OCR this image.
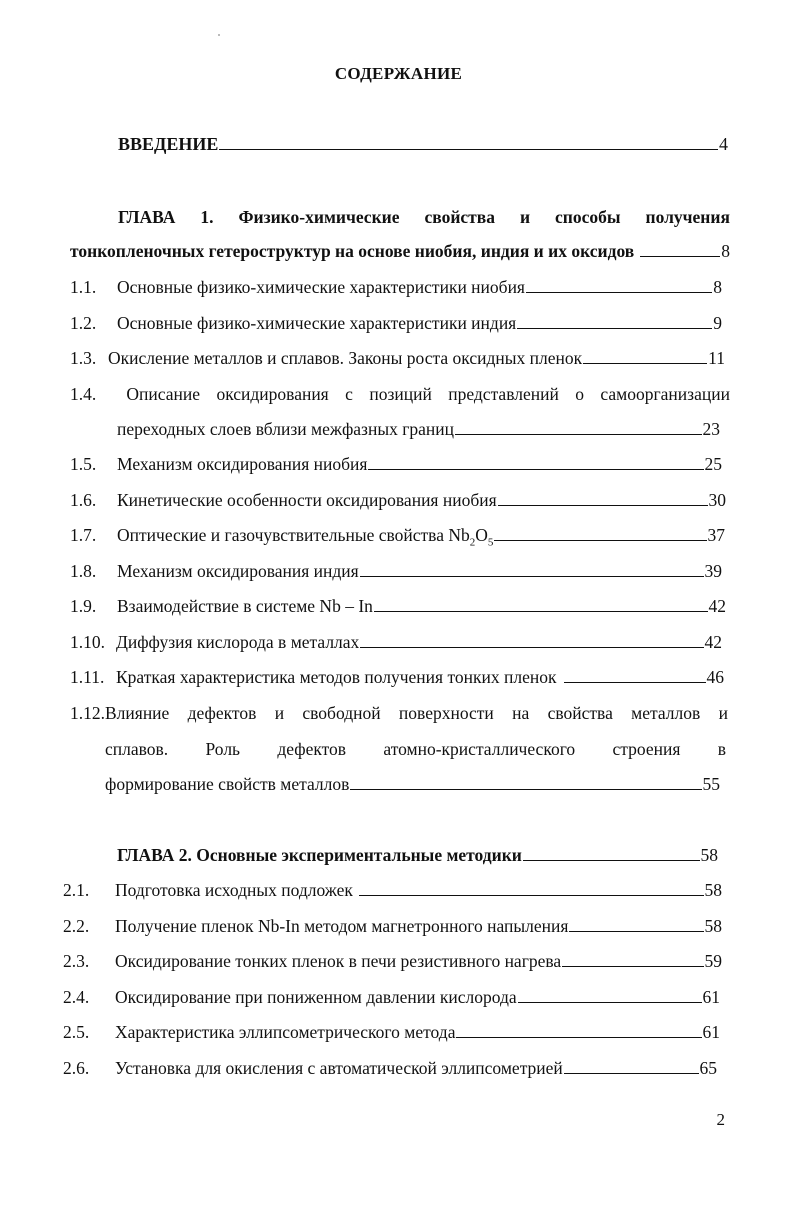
СОДЕРЖАНИЕ
ВВЕДЕНИЕ	4
ГЛАВА 1. Физико-химические свойства и способы получения
тонкопленочных гетероструктур на основе ниобия, индия и их оксидов	8
1.1.	Основные физико-химические характеристики ниобия	8
1.2.	Основные физико-химические характеристики индия	9
1.3. Окисление металлов и сплавов. Законы роста оксидных пленок	11
1.4.	Описание оксидирования с позиций представлений о самоорганизации
переходных слоев вблизи межфазных границ	23
1.5.	Механизм оксидирования ниобия	25
1.6.	Кинетические особенности оксидирования ниобия	30
1.7.	Оптические и газочувствительные свойства $Nb_2O_5$	37
1.8.	Механизм оксидирования индия	39
1.9.	Взаимодействие в системе Nb – In	42
1.10. Диффузия кислорода в металлах	42
1.11. Краткая характеристика методов получения тонких пленок	46
1.12.Влияние дефектов и свободной поверхности на свойства металлов и
сплавов. Роль дефектов атомно-кристаллического строения в
формирование свойств металлов	55
ГЛАВА 2. Основные экспериментальные методики	58
2.1.	Подготовка исходных подложек	58
2.2.	Получение пленок Nb-In методом магнетронного напыления	58
2.3.	Оксидирование тонких пленок в печи резистивного нагрева	59
2.4.	Оксидирование при пониженном давлении кислорода	61
2.5.	Характеристика эллипсометрического метода	61
2.6.	Установка для окисления с автоматической эллипсометрией	65
2
